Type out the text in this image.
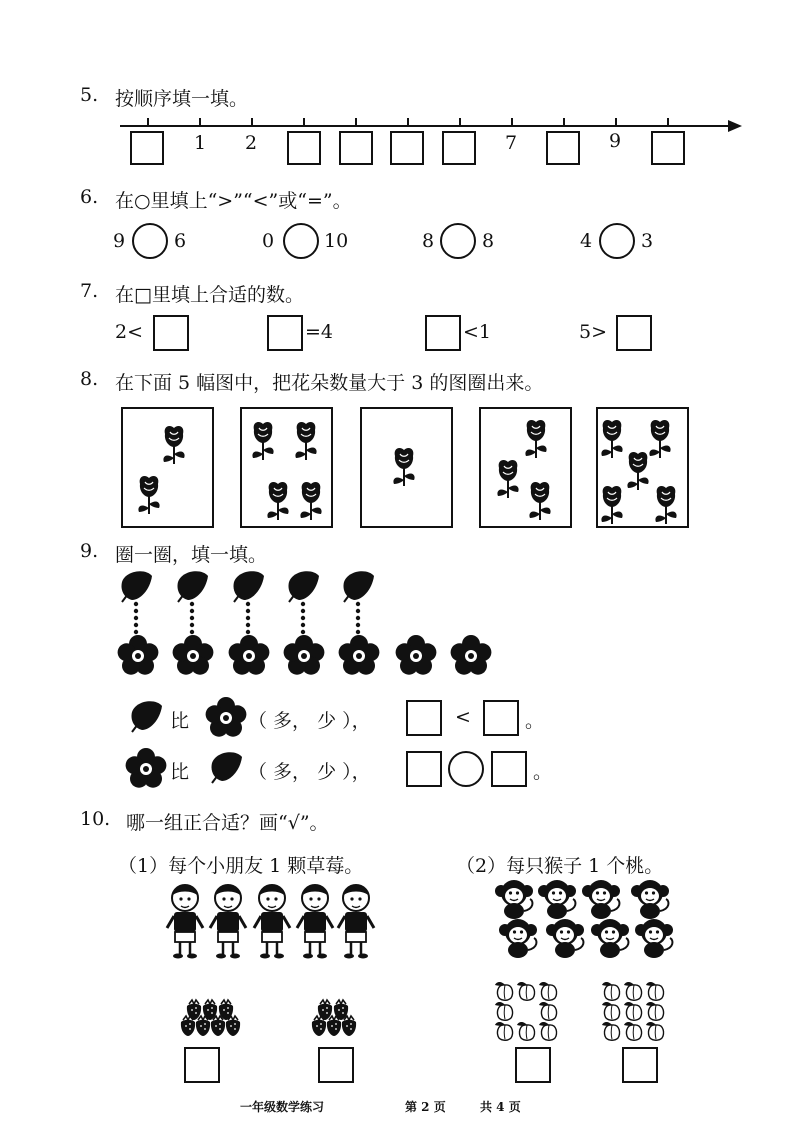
5. 按顺序填一填。
1 2	7	9
6. 在○里填上“>”“<”或“=”。
9	6	0	10	8	8	4	3
7. 在□里填上合适的数。
2<	=4	<1	5>
8. 在下面 5 幅图中，把花朵数量大于 3 的图圈出来。
9. 圈一圈，填一填。
比	（ 多， 少 ），	<	。
比	（ 多， 少 ），	。
10. 哪一组正合适？画“√”。
（1）每个小朋友 1 颗草莓。	（2）每只猴子 1 个桃。
一年级数学练习	第 2 页	共 4 页
